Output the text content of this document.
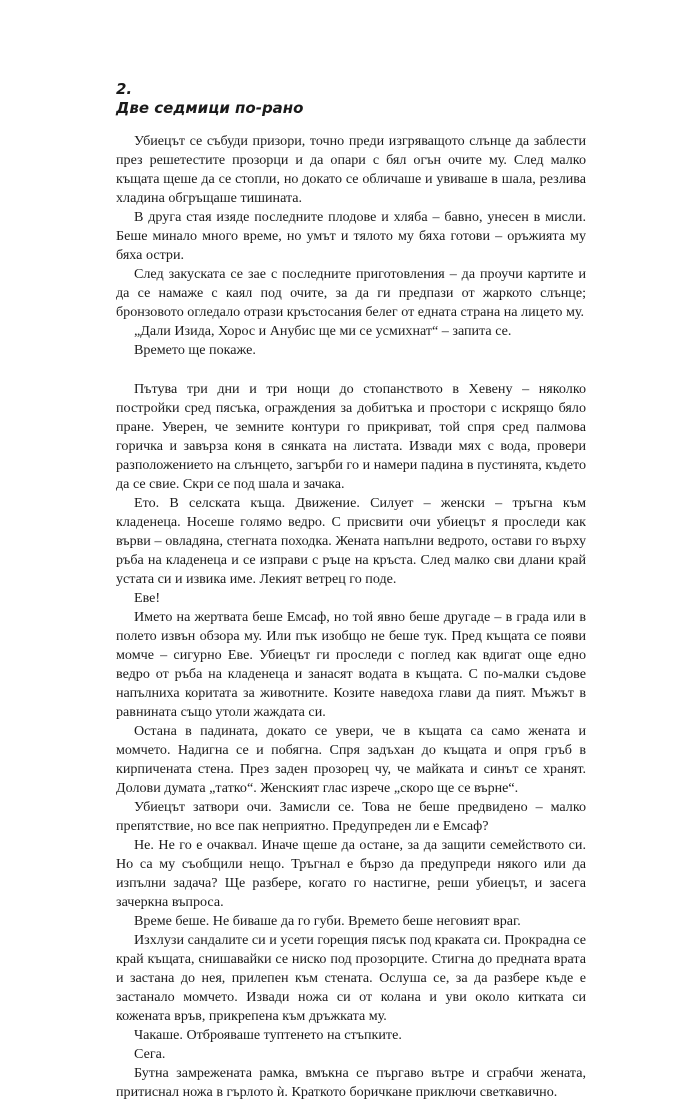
2.
Две седмици по-рано

Убиецът се събуди призори, точно преди изгряващото слънце да заблести през решетестите прозорци и да опари с бял огън очите му. След малко къщата щеше да се стопли, но докато се обличаше и увиваше в шала, резлива хладина обгръщаше тишината.

В друга стая изяде последните плодове и хляба – бавно, унесен в мисли. Беше минало много време, но умът и тялото му бяха готови – оръжията му бяха остри.

След закуската се зае с последните приготовления – да проучи картите и да се намаже с каял под очите, за да ги предпази от жаркото слънце; бронзовото огледало отрази кръстосания белег от едната страна на лицето му.

„Дали Изида, Хорос и Анубис ще ми се усмихнат“ – запита се.

Времето ще покаже.

Пътува три дни и три нощи до стопанството в Хевену – няколко постройки сред пясъка, ограждения за добитъка и простори с искрящо бяло пране. Уверен, че земните контури го прикриват, той спря сред палмова горичка и завърза коня в сянката на листата. Извади мях с вода, провери разположението на слънцето, загърби го и намери падина в пустинята, където да се свие. Скри се под шала и зачака.

Ето. В селската къща. Движение. Силует – женски – тръгна към кладенеца. Носеше голямо ведро. С присвити очи убиецът я проследи как върви – овладяна, стегната походка. Жената напълни ведрото, остави го върху ръба на кладенеца и се изправи с ръце на кръста. След малко сви длани край устата си и извика име. Лекият ветрец го поде.

Еве!

Името на жертвата беше Емсаф, но той явно беше другаде – в града или в полето извън обзора му. Или пък изобщо не беше тук. Пред къщата се появи момче – сигурно Еве. Убиецът ги проследи с поглед как вдигат още едно ведро от ръба на кладенеца и занасят водата в къщата. С по-малки съдове напълниха коритата за животните. Козите наведоха глави да пият. Мъжът в равнината също утоли жаждата си.

Остана в падината, докато се увери, че в къщата са само жената и момчето. Надигна се и побягна. Спря задъхан до къщата и опря гръб в кирпичената стена. През заден прозорец чу, че майката и синът се хранят. Долови думата „татко“. Женският глас изрече „скоро ще се върне“.

Убиецът затвори очи. Замисли се. Това не беше предвидено – малко препятствие, но все пак неприятно. Предупреден ли е Емсаф?

Не. Не го е очаквал. Иначе щеше да остане, за да защити семейството си. Но са му съобщили нещо. Тръгнал е бързо да предупреди някого или да изпълни задача? Ще разбере, когато го настигне, реши убиецът, и засега зачеркна въпроса.

Време беше. Не биваше да го губи. Времето беше неговият враг.

Изхлузи сандалите си и усети горещия пясък под краката си. Прокрадна се край къщата, снишавайки се ниско под прозорците. Стигна до предната врата и застана до нея, прилепен към стената. Ослуша се, за да разбере къде е застанало момчето. Извади ножа си от колана и уви около китката си кожената връв, прикрепена към дръжката му.

Чакаше. Отброяваше туптенето на стъпките.

Сега.

Бутна замрежената рамка, вмъкна се пъргаво вътре и сграбчи жената, притиснал ножа в гърлото ѝ. Краткото боричкане приключи светкавично.
